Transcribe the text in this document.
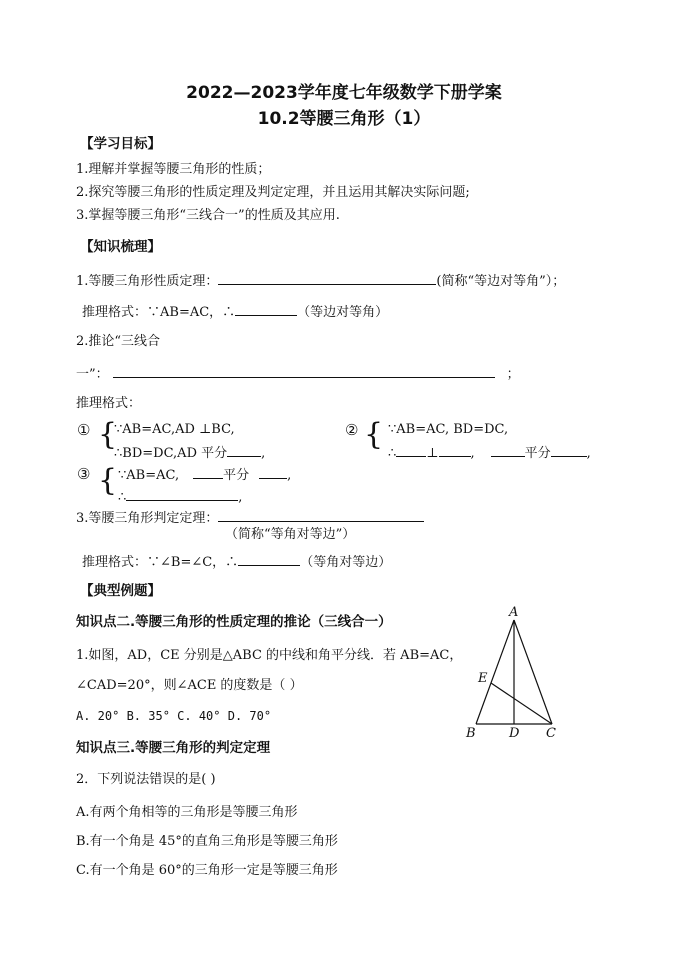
2022—2023学年度七年级数学下册学案
10.2等腰三角形（1）
【学习目标】
1.理解并掌握等腰三角形的性质；
2.探究等腰三角形的性质定理及判定定理，并且运用其解决实际问题;
3.掌握等腰三角形“三线合一”的性质及其应用.
【知识梳理】
1.等腰三角形性质定理：	(简称“等边对等角”）；
推理格式：∵AB=AC，∴	（等边对等角）
2.推论“三线合
一”：	；
推理格式：
① {
∵AB=AC,AD ⊥BC,
∴BD=DC,AD 平分	,
② { ∵AB=AC, BD=DC,
∴ ⊥ ,	平分	,
③ { ∵AB=AC,	平分	,
∴	,
3.等腰三角形判定定理：
（简称“等角对等边”）
推理格式：∵∠B=∠C，∴	（等角对等边）
【典型例题】
知识点二.等腰三角形的性质定理的推论（三线合一）
1.如图，AD，CE 分别是△ABC 的中线和角平分线．若 AB=AC，
∠CAD=20°，则∠ACE 的度数是（ ）
A. 20° B. 35° C. 40° D. 70°
知识点三.等腰三角形的判定定理
2．下列说法错误的是( )
A.有两个角相等的三角形是等腰三角形
B.有一个角是 45°的直角三角形是等腰三角形
C.有一个角是 60°的三角形一定是等腰三角形
A
B	C
D
E
